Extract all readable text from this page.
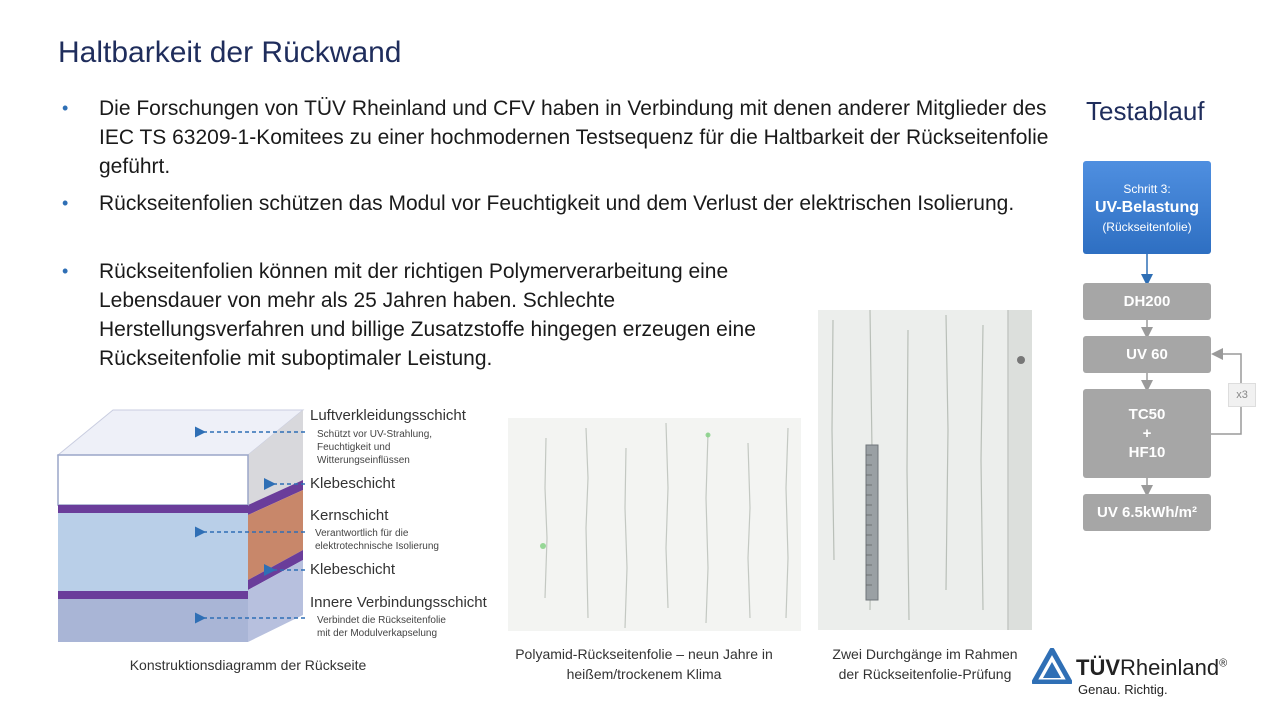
Haltbarkeit der Rückwand
• Die Forschungen von TÜV Rheinland und CFV haben in Verbindung mit denen anderer Mitglieder des IEC TS 63209-1-Komitees zu einer hochmodernen Testsequenz für die Haltbarkeit der Rückseitenfolie geführt.
• Rückseitenfolien schützen das Modul vor Feuchtigkeit und dem Verlust der elektrischen Isolierung.
• Rückseitenfolien können mit der richtigen Polymerverarbeitung eine Lebensdauer von mehr als 25 Jahren haben. Schlechte Herstellungsverfahren und billige Zusatzstoffe hingegen erzeugen eine Rückseitenfolie mit suboptimaler Leistung.
Luftverkleidungsschicht
Schützt vor UV-Strahlung,
Feuchtigkeit und
Witterungseinflüssen
Klebeschicht
Kernschicht
Verantwortlich für die
elektrotechnische Isolierung
Klebeschicht
Innere Verbindungsschicht
Verbindet die Rückseitenfolie
mit der Modulverkapselung
Konstruktionsdiagramm der Rückseite
Polyamid-Rückseitenfolie – neun Jahre in
heißem/trockenem Klima
Zwei Durchgänge im Rahmen
der Rückseitenfolie-Prüfung
Testablauf
Schritt 3:
UV-Belastung
(Rückseitenfolie)
DH200
UV 60
TC50
+
HF10
UV 6.5kWh/m²
x3
TÜVRheinland®
Genau. Richtig.
